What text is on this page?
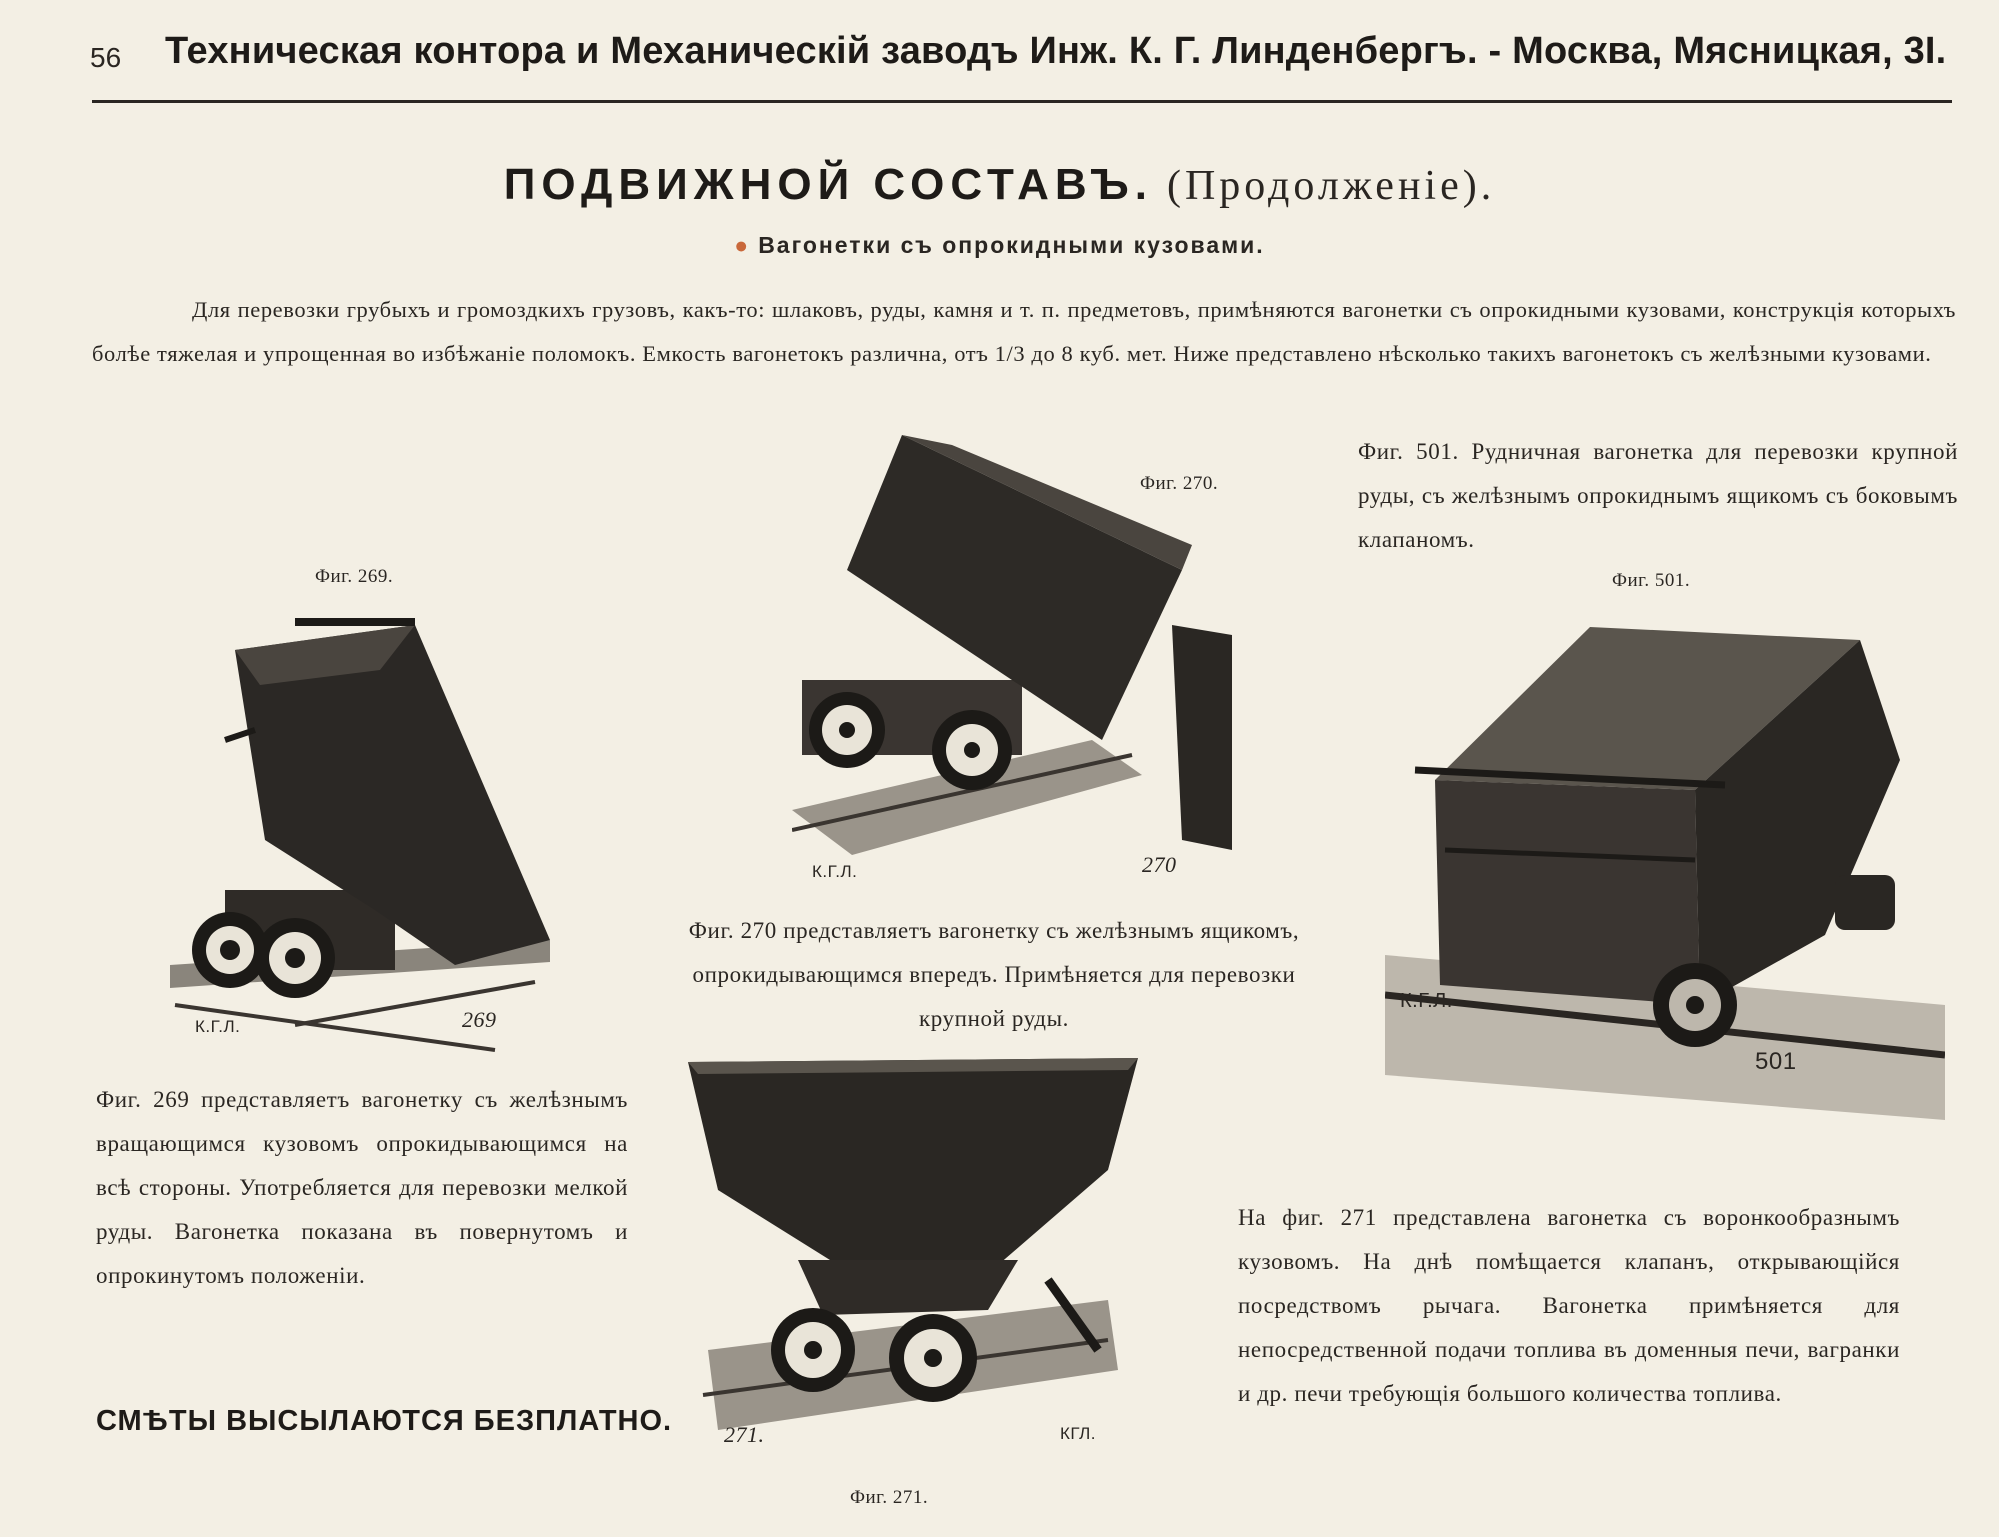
56 Техническая контора и Механическій заводъ Инж. К. Г. Линденбергъ. - Москва, Мясницкая, 3I.
ПОДВИЖНОЙ СОСТАВЪ. (Продолженіе).
● Вагонетки съ опрокидными кузовами.
Для перевозки грубыхъ и громоздкихъ грузовъ, какъ-то: шлаковъ, руды, камня и т. п. предметовъ, примѣняются вагонетки съ опрокидными кузовами, конструкція которыхъ болѣе тяжелая и упрощенная во избѣжаніе поломокъ. Емкость вагонетокъ различна, отъ 1/3 до 8 куб. мет. Ниже представлено нѣсколько такихъ вагонетокъ съ желѣзными кузовами.
Фиг. 269.
К.Г.Л.	269
Фиг. 269 представляетъ вагонетку съ желѣзнымъ вращающимся кузовомъ опрокидывающимся на всѣ стороны. Употребляется для перевозки мелкой руды. Вагонетка показана въ повернутомъ и опрокинутомъ положеніи.
Фиг. 270.
К.Г.Л.	270
Фиг. 270 представляетъ вагонетку съ желѣзнымъ ящикомъ, опрокидывающимся впередъ. Примѣняется для перевозки крупной руды.
Фиг. 501. Рудничная вагонетка для перевозки крупной руды, съ желѣзнымъ опрокиднымъ ящикомъ съ боковымъ клапаномъ.
Фиг. 501.
К.Г.Л.
501
271.	КГЛ.
Фиг. 271.
На фиг. 271 представлена вагонетка съ воронкообразнымъ кузовомъ. На днѣ помѣщается клапанъ, открывающійся посредствомъ рычага. Вагонетка примѣняется для непосредственной подачи топлива въ доменныя печи, вагранки и др. печи требующія большого количества топлива.
СМѢТЫ ВЫСЫЛАЮТСЯ БЕЗПЛАТНО.
